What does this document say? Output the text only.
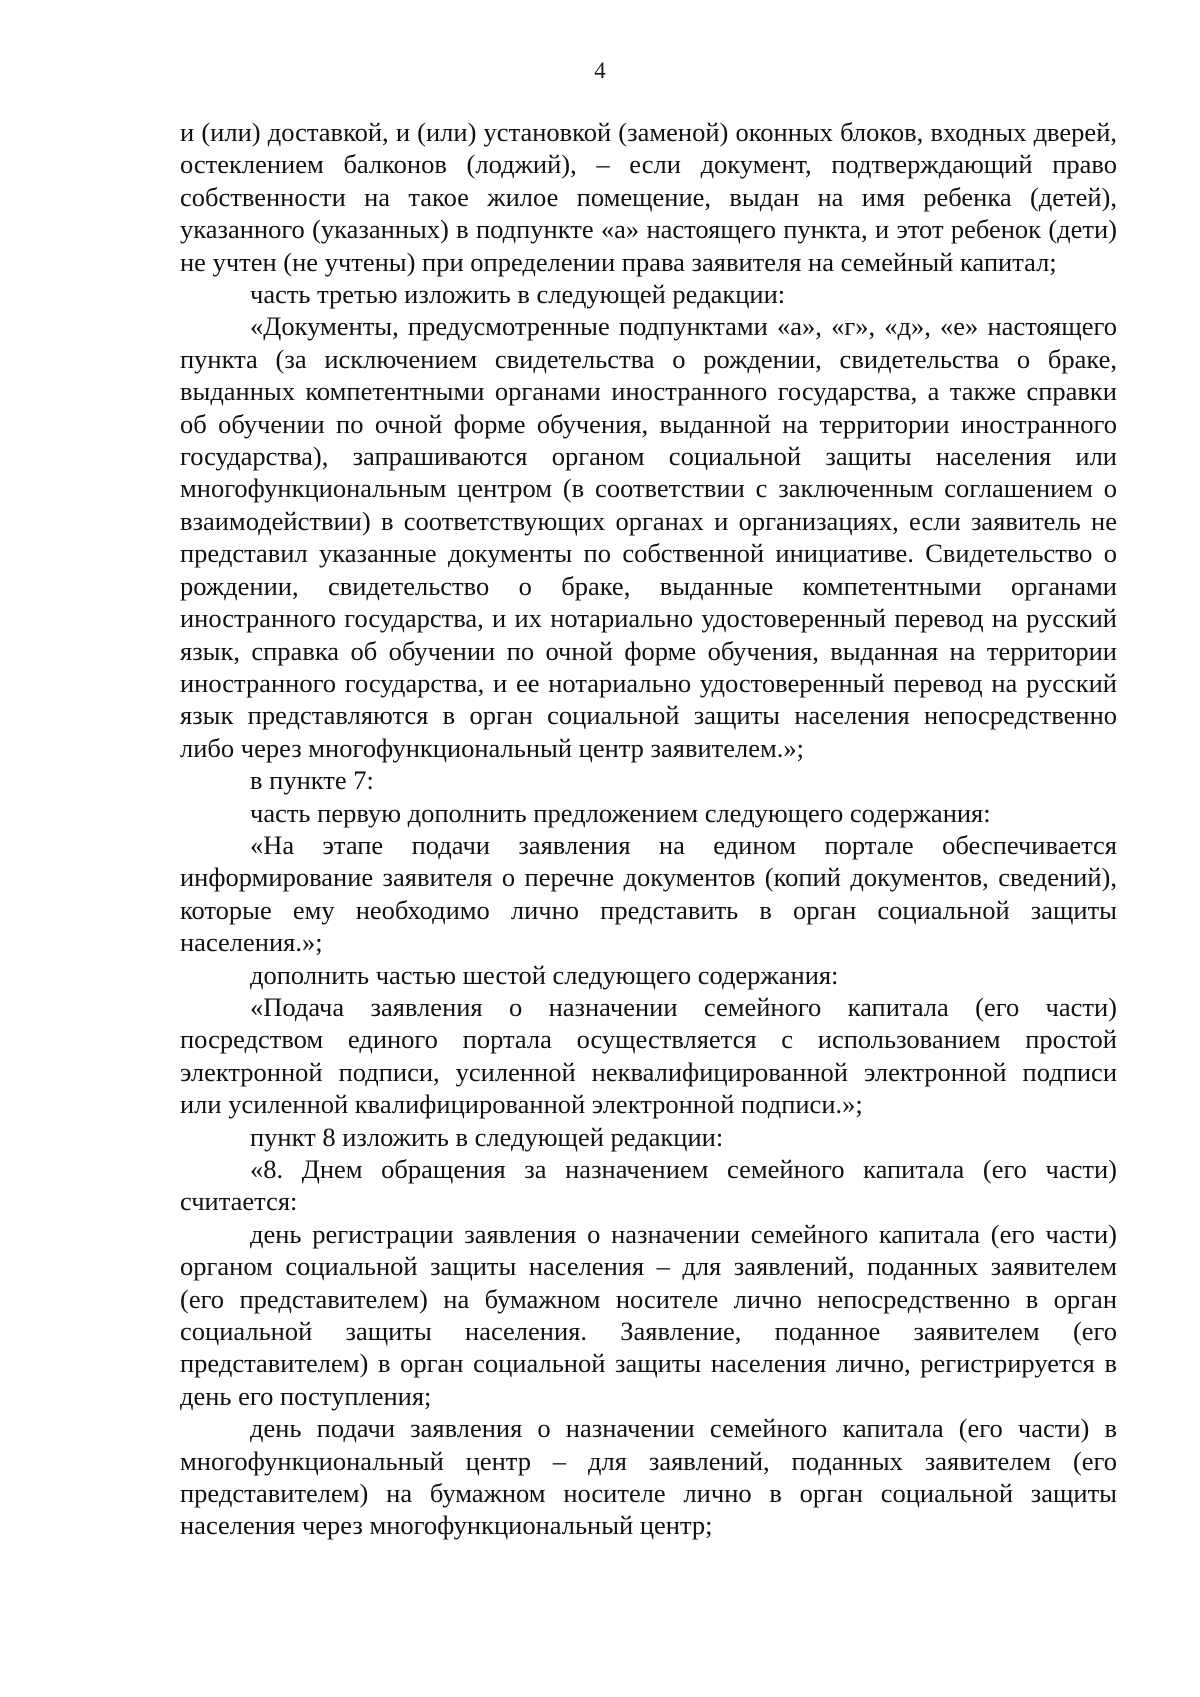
4

и (или) доставкой, и (или) установкой (заменой) оконных блоков, входных дверей, остеклением балконов (лоджий), – если документ, подтверждающий право собственности на такое жилое помещение, выдан на имя ребенка (детей), указанного (указанных) в подпункте «а» настоящего пункта, и этот ребенок (дети) не учтен (не учтены) при определении права заявителя на семейный капитал;

часть третью изложить в следующей редакции:

«Документы, предусмотренные подпунктами «а», «г», «д», «е» настоящего пункта (за исключением свидетельства о рождении, свидетельства о браке, выданных компетентными органами иностранного государства, а также справки об обучении по очной форме обучения, выданной на территории иностранного государства), запрашиваются органом социальной защиты населения или многофункциональным центром (в соответствии с заключенным соглашением о взаимодействии) в соответствующих органах и организациях, если заявитель не представил указанные документы по собственной инициативе. Свидетельство о рождении, свидетельство о браке, выданные компетентными органами иностранного государства, и их нотариально удостоверенный перевод на русский язык, справка об обучении по очной форме обучения, выданная на территории иностранного государства, и ее нотариально удостоверенный перевод на русский язык представляются в орган социальной защиты населения непосредственно либо через многофункциональный центр заявителем.»;

в пункте 7:

часть первую дополнить предложением следующего содержания:

«На этапе подачи заявления на едином портале обеспечивается информирование заявителя о перечне документов (копий документов, сведений), которые ему необходимо лично представить в орган социальной защиты населения.»;

дополнить частью шестой следующего содержания:

«Подача заявления о назначении семейного капитала (его части) посредством единого портала осуществляется с использованием простой электронной подписи, усиленной неквалифицированной электронной подписи или усиленной квалифицированной электронной подписи.»;

пункт 8 изложить в следующей редакции:

«8. Днем обращения за назначением семейного капитала (его части) считается:

день регистрации заявления о назначении семейного капитала (его части) органом социальной защиты населения – для заявлений, поданных заявителем (его представителем) на бумажном носителе лично непосредственно в орган социальной защиты населения. Заявление, поданное заявителем (его представителем) в орган социальной защиты населения лично, регистрируется в день его поступления;

день подачи заявления о назначении семейного капитала (его части) в многофункциональный центр – для заявлений, поданных заявителем (его представителем) на бумажном носителе лично в орган социальной защиты населения через многофункциональный центр;
